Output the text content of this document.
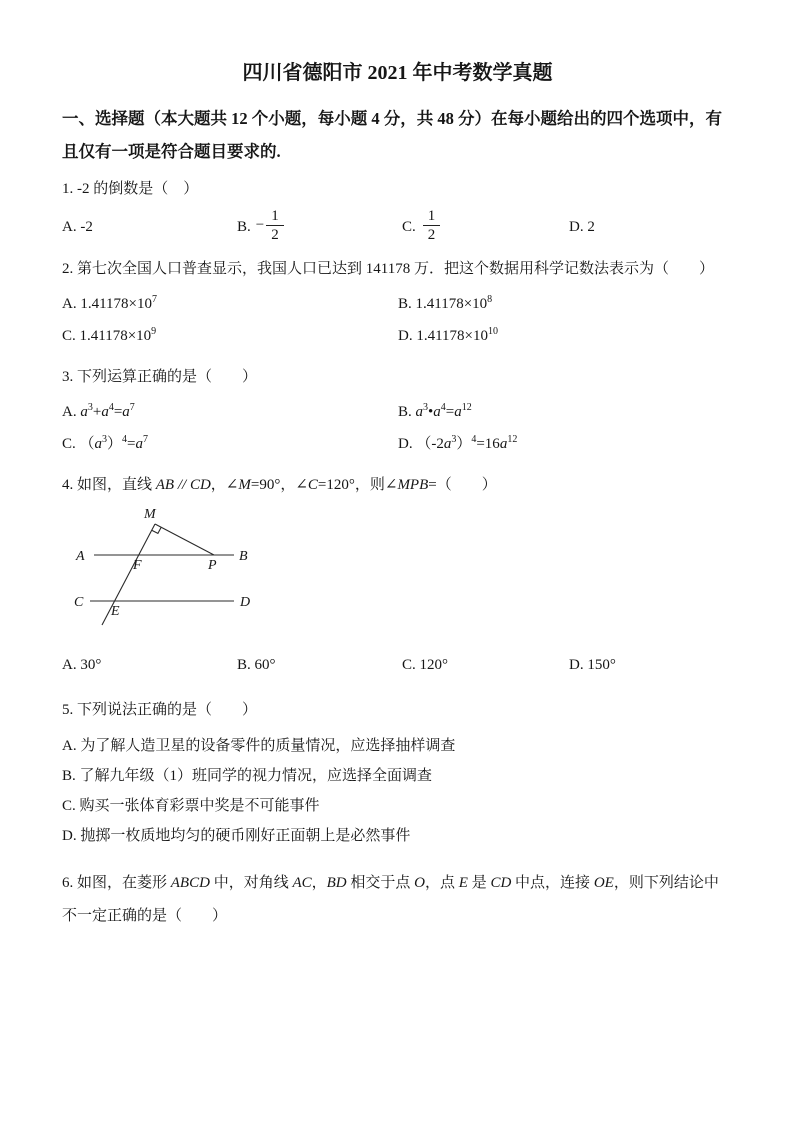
四川省德阳市 2021 年中考数学真题
一、选择题（本大题共 12 个小题，每小题 4 分，共 48 分）在每小题给出的四个选项中，有且仅有一项是符合题目要求的.
1. -2 的倒数是（　）
A. -2	B. − $\frac{1}{2}$	C. $\frac{1}{2}$	D. 2
2. 第七次全国人口普查显示，我国人口已达到 141178 万．把这个数据用科学记数法表示为（　　）
A. $1.41178\times 10^7$	B. $1.41178\times 10^8$
C. $1.41178\times 10^9$	D. $1.41178\times 10^{10}$
3. 下列运算正确的是（　　）
A. $a^3+a^4=a^7$	B. $a^3•a^4=a^{12}$
C. $(a^3)^4=a^7$	D. $(-2a^3)^4=16a^{12}$
4. 如图，直线 AB // CD，∠M=90°，∠C=120°，则∠MPB=（　　）
M
A	B
F	P
C	D
E
A. 30°	B. 60°	C. 120°	D. 150°
5. 下列说法正确的是（　　）
A. 为了解人造卫星的设备零件的质量情况，应选择抽样调查
B. 了解九年级（1）班同学的视力情况，应选择全面调查
C. 购买一张体育彩票中奖是不可能事件
D. 抛掷一枚质地均匀的硬币刚好正面朝上是必然事件
6. 如图，在菱形 ABCD 中，对角线 AC，BD 相交于点 O，点 E 是 CD 中点，连接 OE，则下列结论中不一定正确的是（　　）
